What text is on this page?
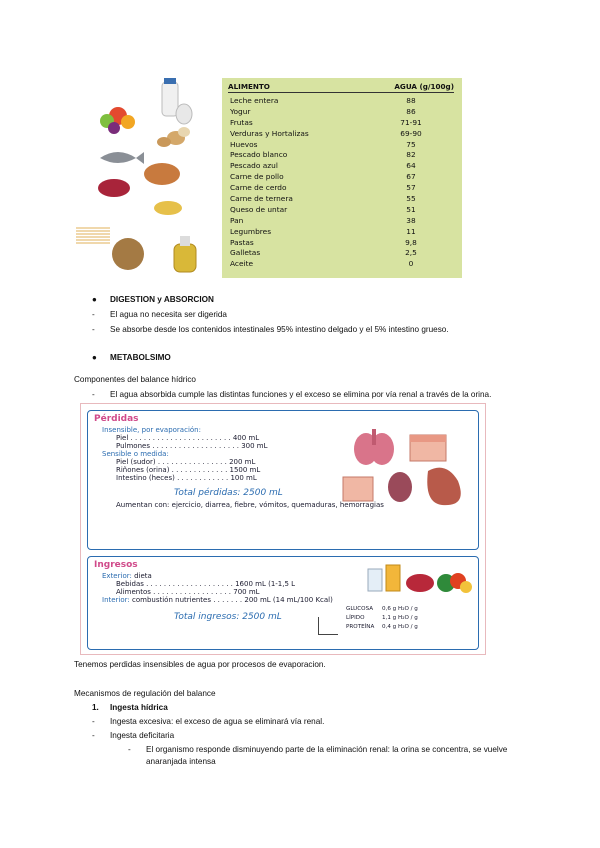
ALIMENTO	AGUA (g/100g)
Leche entera	88
Yogur	86
Frutas	71-91
Verduras y Hortalizas	69-90
Huevos	75
Pescado blanco	82
Pescado azul	64
Carne de pollo	67
Carne de cerdo	57
Carne de ternera	55
Queso de untar	51
Pan	38
Legumbres	11
Pastas	9,8
Galletas	2,5
Aceite	0
● DIGESTION y ABSORCION
- El agua no necesita ser digerida
- Se absorbe desde los contenidos intestinales 95% intestino delgado y el 5% intestino grueso.
● METABOLSIMO
Componentes del balance hídrico
- El agua absorbida cumple las distintas funciones y el exceso se elimina por vía renal a través de la orina.
Pérdidas
Insensible, por evaporación:
Piel . . . . . . . . . . . . . . . . . . . . . . . 400 mL
Pulmones . . . . . . . . . . . . . . . . . . . . 300 mL
Sensible o medida:
Piel (sudor) . . . . . . . . . . . . . . . . 200 mL
Riñones (orina) . . . . . . . . . . . . . 1500 mL
Intestino (heces) . . . . . . . . . . . . 100 mL
Total pérdidas: 2500 mL
Aumentan con: ejercicio, diarrea, fiebre, vómitos, quemaduras, hemorragias
Ingresos
Exterior: dieta
Bebidas . . . . . . . . . . . . . . . . . . . . 1600 mL (1-1,5 L
Alimentos . . . . . . . . . . . . . . . . . . 700 mL
Interior: combustión nutrientes . . . . . . . 200 mL (14 mL/100 Kcal)
Total ingresos: 2500 mL
GLUCOSA 0,6 g H₂O / g
LÍPIDO	1,1 g H₂O / g
PROTEÍNA 0,4 g H₂O / g
Tenemos perdidas insensibles de agua por procesos de evaporacion.
Mecanismos de regulación del balance
1. Ingesta hídrica
- Ingesta excesiva: el exceso de agua se eliminará vía renal.
- Ingesta deficitaria
- El organismo responde disminuyendo parte de la eliminación renal: la orina se concentra, se vuelve anaranjada intensa
